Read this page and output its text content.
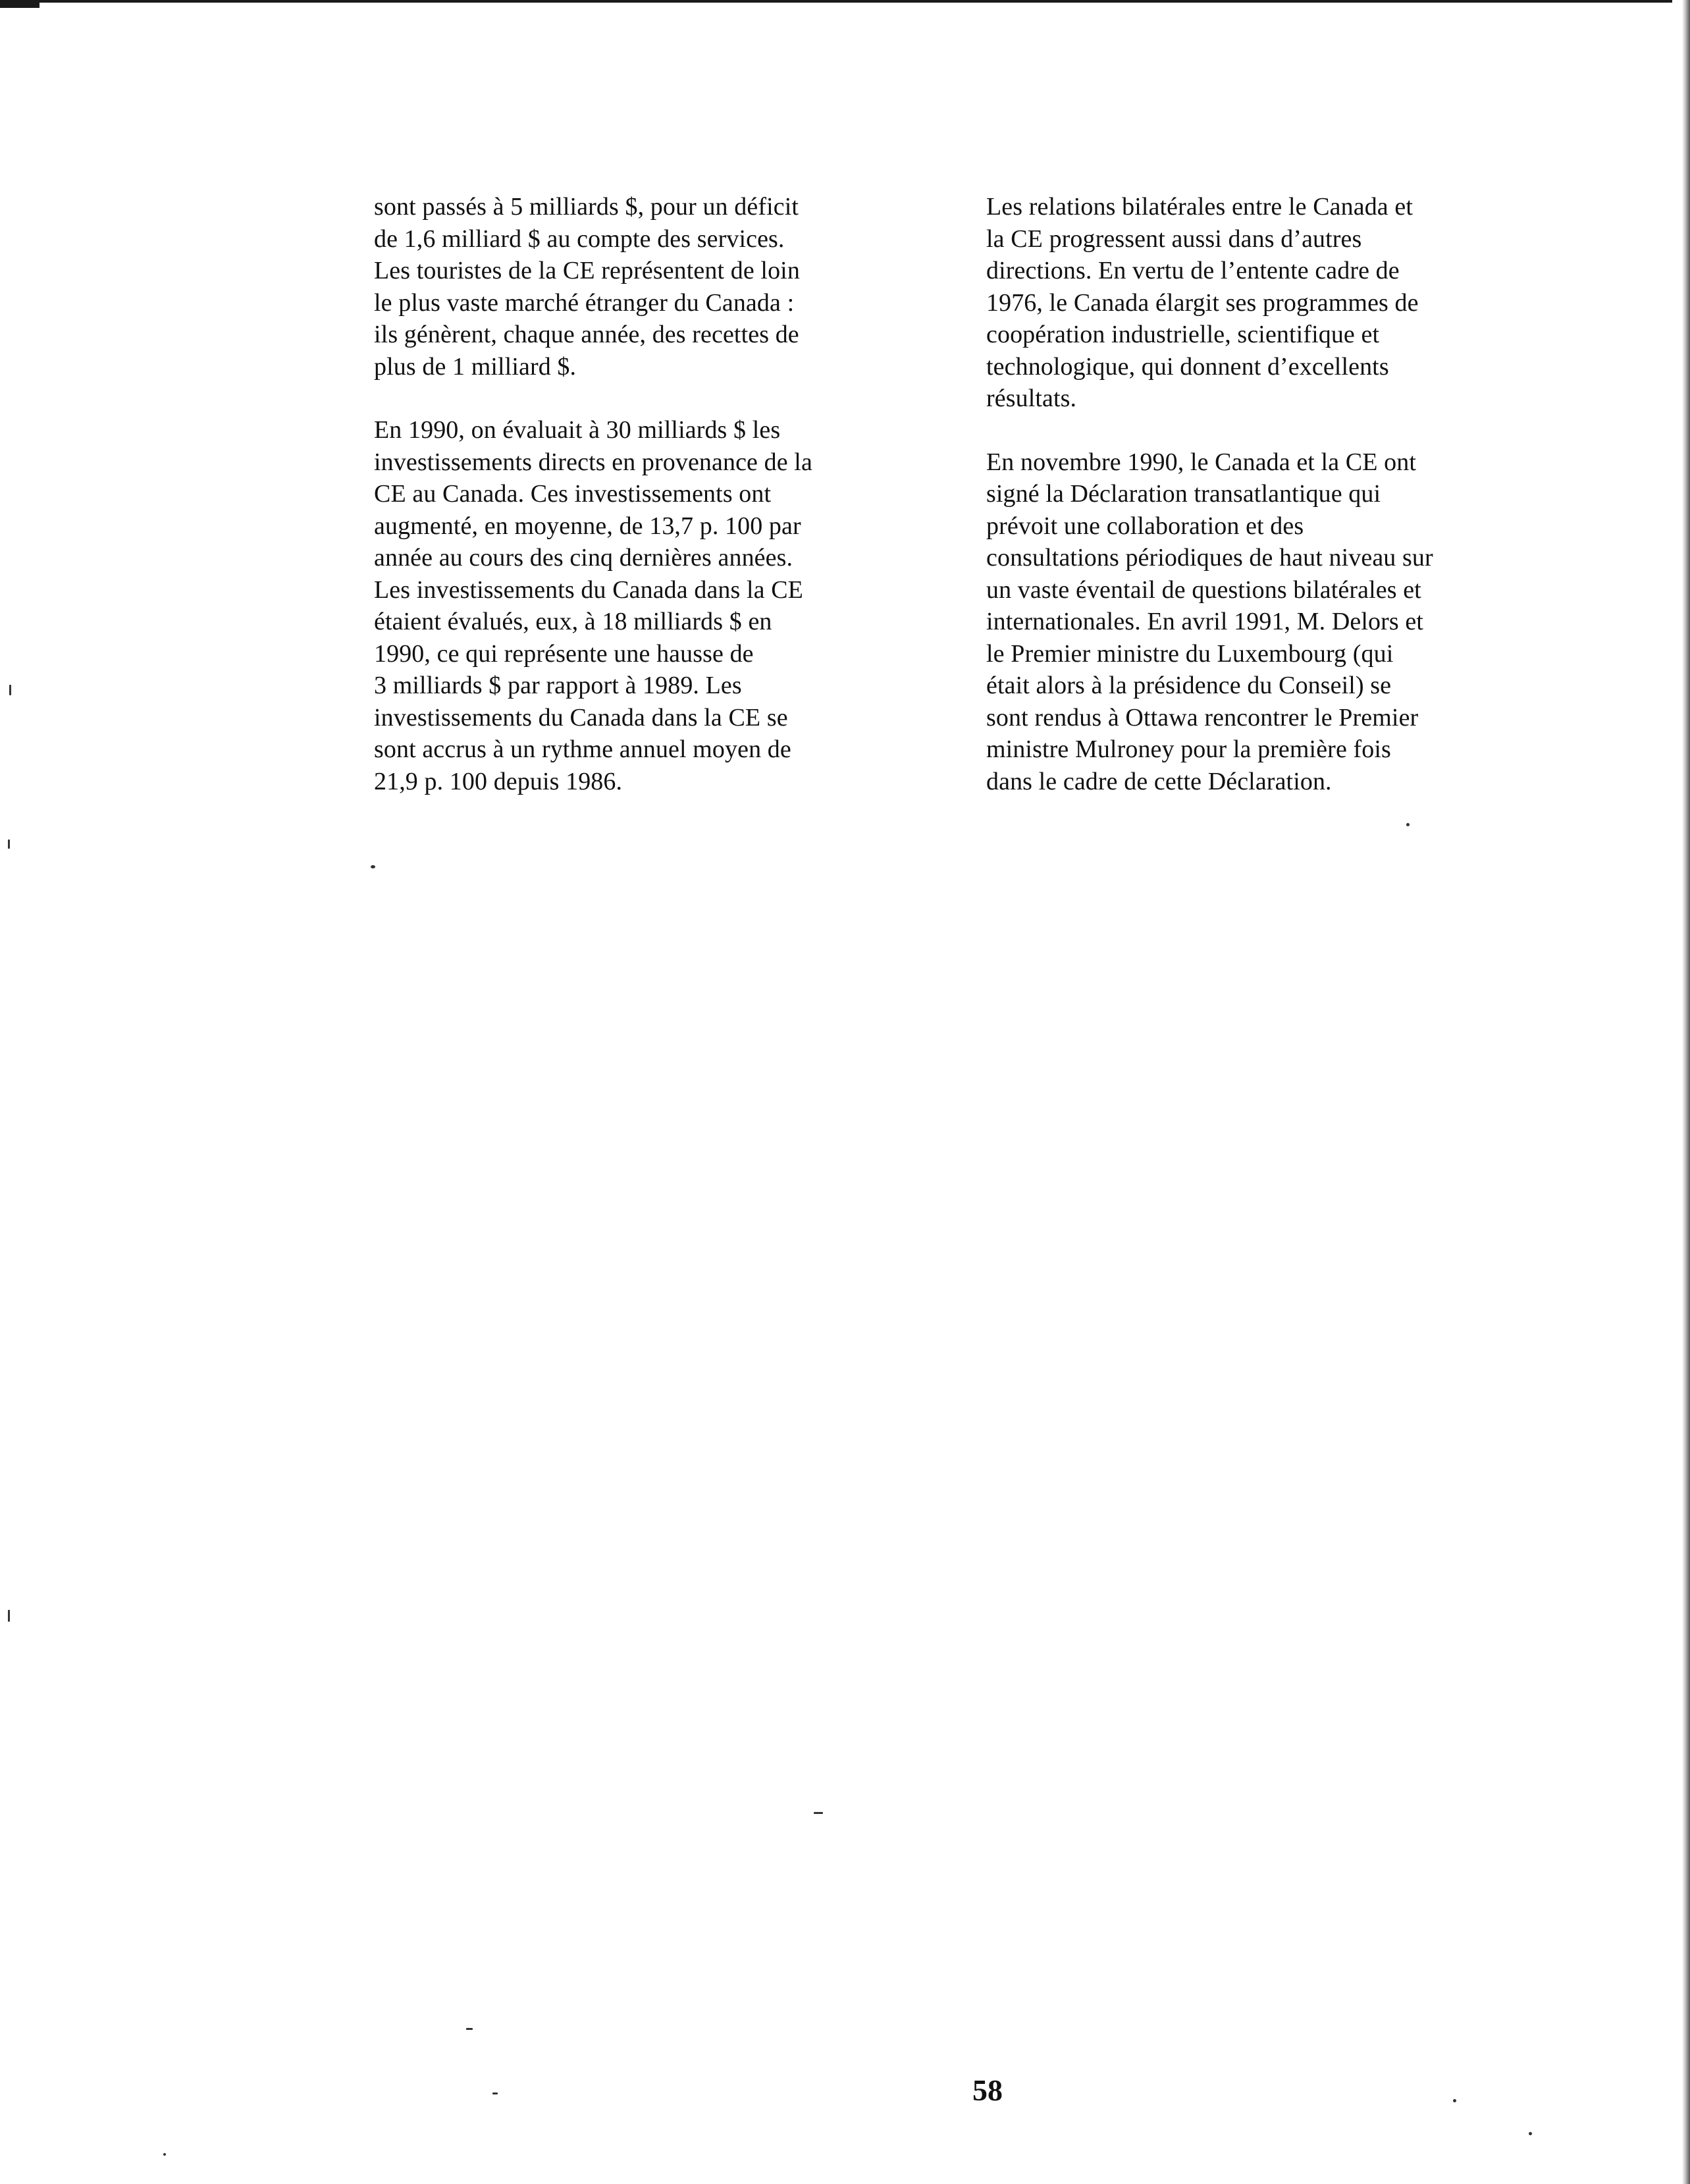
sont passés à 5 milliards $, pour un déficit
de 1,6 milliard $ au compte des services.
Les touristes de la CE représentent de loin
le plus vaste marché étranger du Canada :
ils génèrent, chaque année, des recettes de
plus de 1 milliard $.

En 1990, on évaluait à 30 milliards $ les
investissements directs en provenance de la
CE au Canada. Ces investissements ont
augmenté, en moyenne, de 13,7 p. 100 par
année au cours des cinq dernières années.
Les investissements du Canada dans la CE
étaient évalués, eux, à 18 milliards $ en
1990, ce qui représente une hausse de
3 milliards $ par rapport à 1989. Les
investissements du Canada dans la CE se
sont accrus à un rythme annuel moyen de
21,9 p. 100 depuis 1986.

Les relations bilatérales entre le Canada et
la CE progressent aussi dans d’autres
directions. En vertu de l’entente cadre de
1976, le Canada élargit ses programmes de
coopération industrielle, scientifique et
technologique, qui donnent d’excellents
résultats.

En novembre 1990, le Canada et la CE ont
signé la Déclaration transatlantique qui
prévoit une collaboration et des
consultations périodiques de haut niveau sur
un vaste éventail de questions bilatérales et
internationales. En avril 1991, M. Delors et
le Premier ministre du Luxembourg (qui
était alors à la présidence du Conseil) se
sont rendus à Ottawa rencontrer le Premier
ministre Mulroney pour la première fois
dans le cadre de cette Déclaration.

58
